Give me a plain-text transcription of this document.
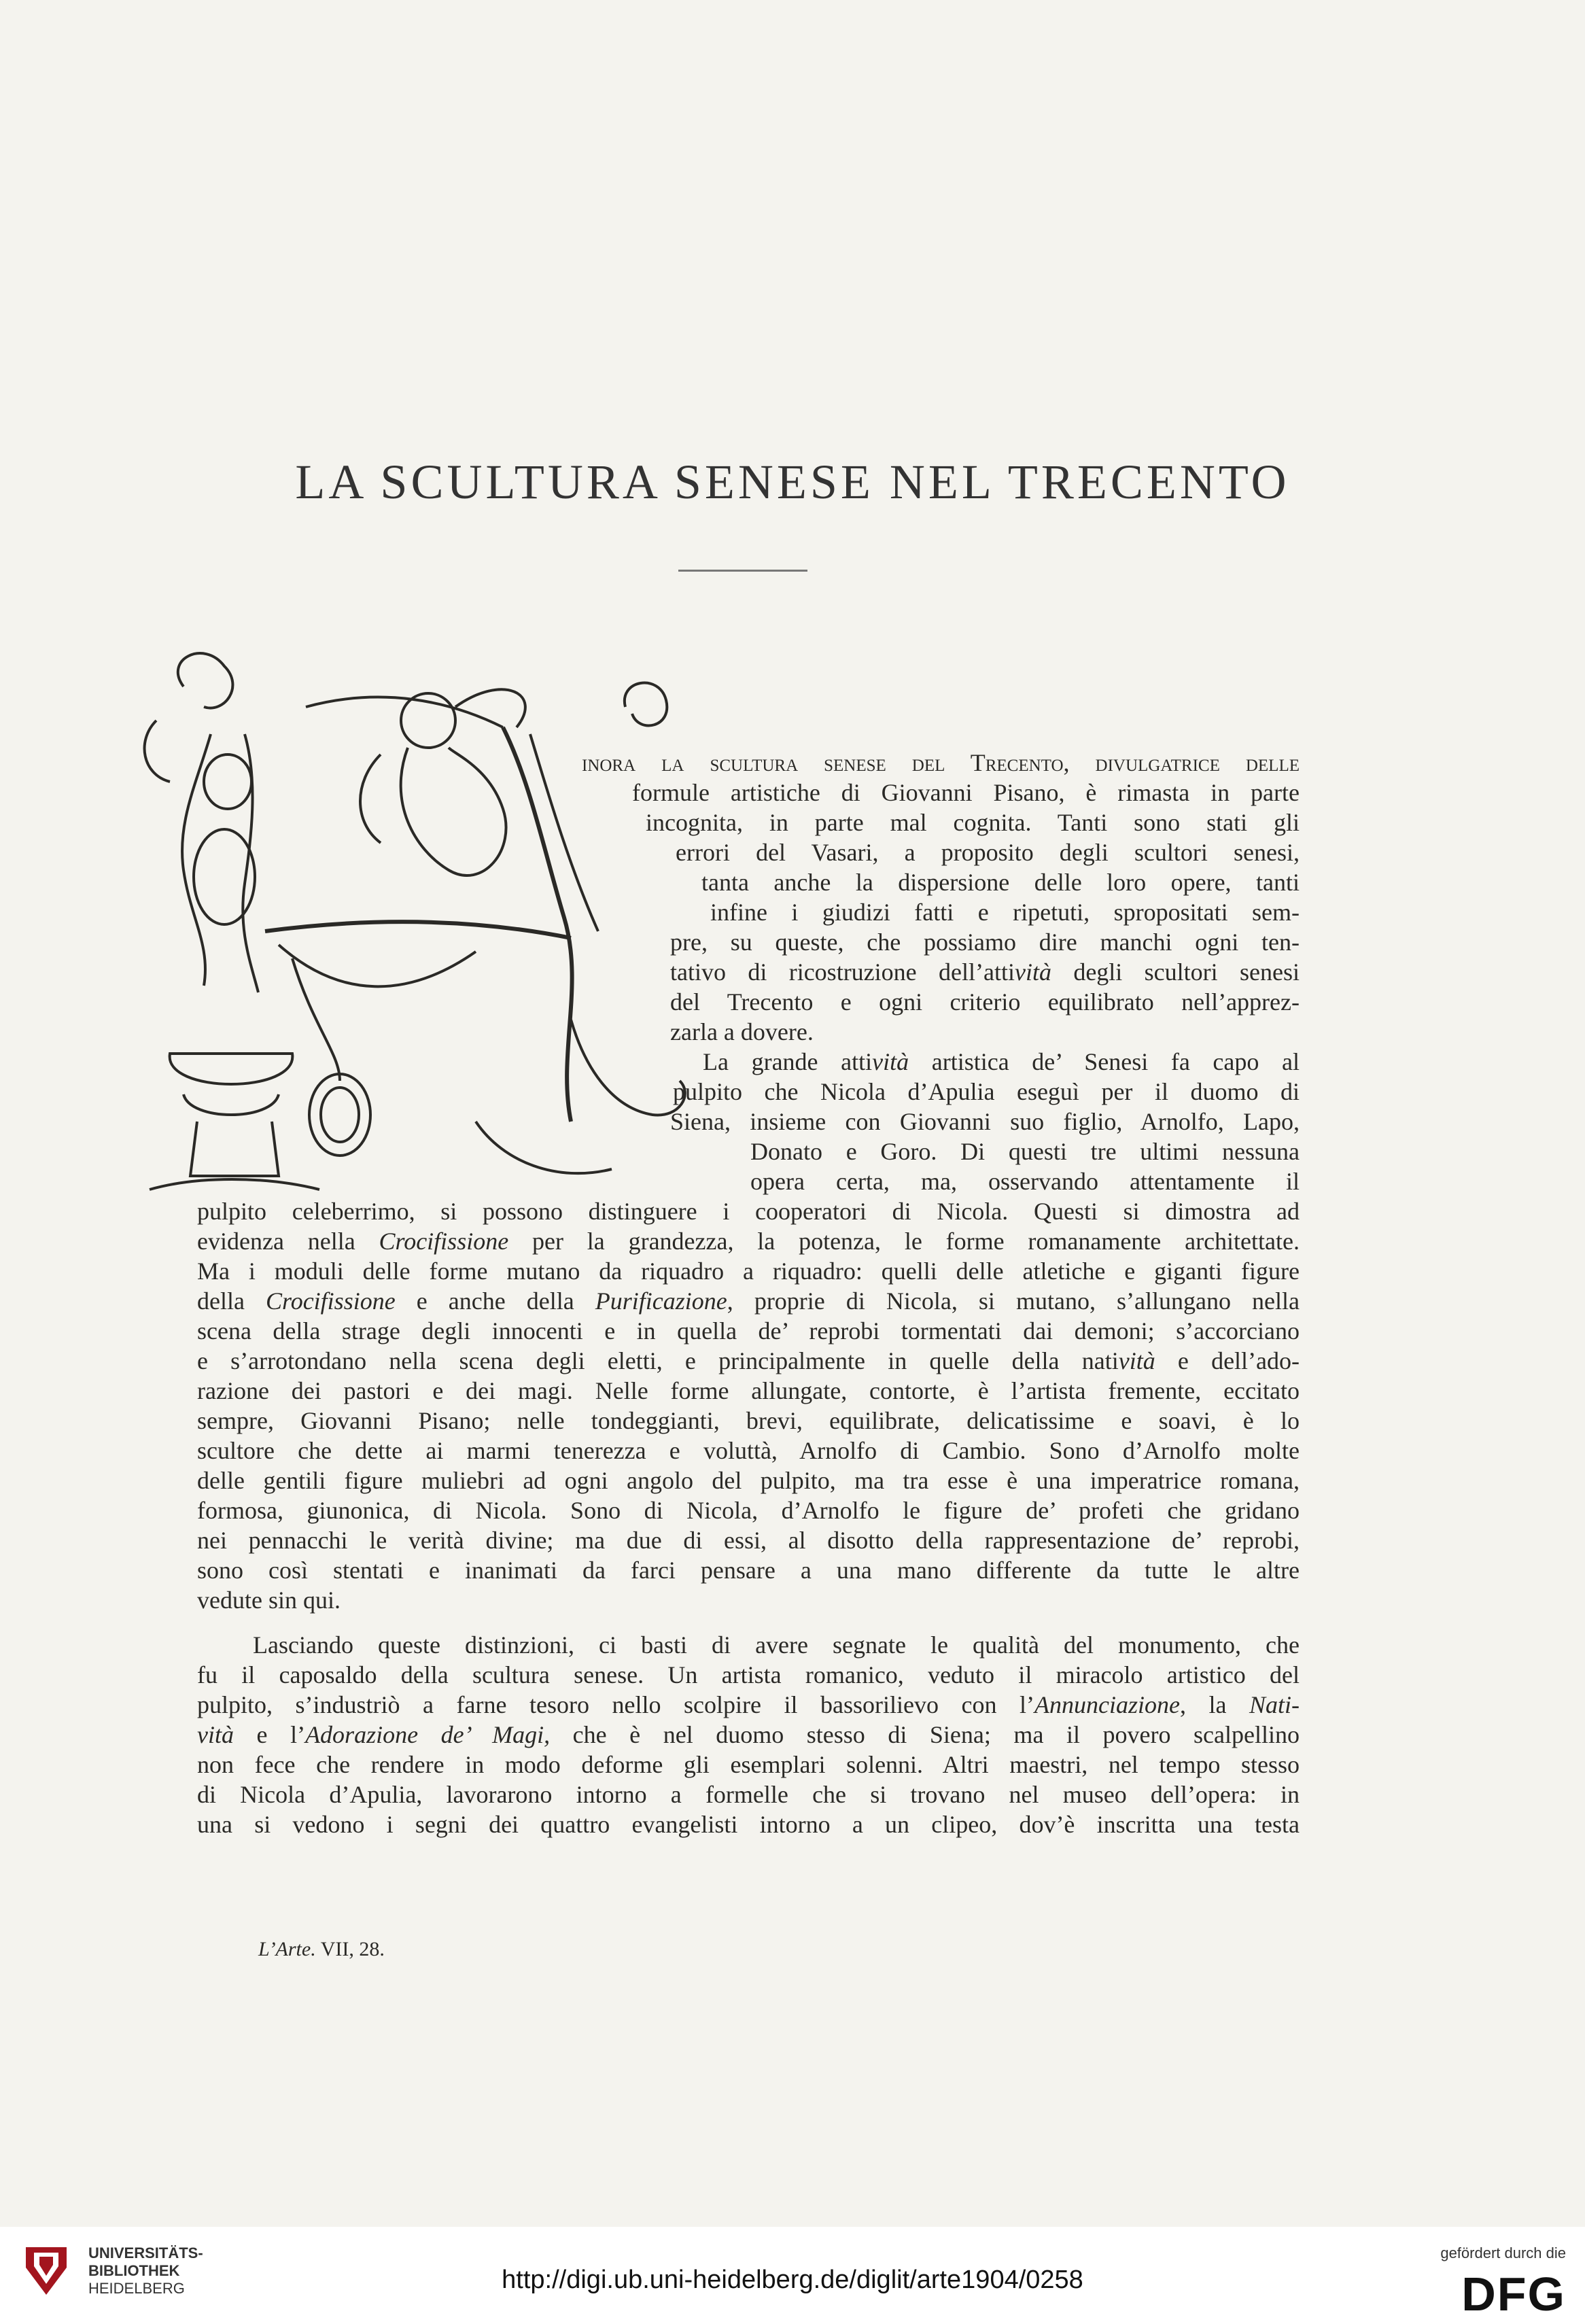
LA SCULTURA SENESE NEL TRECENTO
inora la scultura senese del Trecento, divulgatrice delle
formule artistiche di Giovanni Pisano, è rimasta in parte
incognita, in parte mal cognita. Tanti sono stati gli
errori del Vasari, a proposito degli scultori senesi,
tanta anche la dispersione delle loro opere, tanti
infine i giudizi fatti e ripetuti, spropositati sem-
pre, su queste, che possiamo dire manchi ogni ten-
tativo di ricostruzione dell’attività degli scultori senesi
del Trecento e ogni criterio equilibrato nell’apprez-
zarla a dovere.
La grande attività artistica de’ Senesi fa capo al
pulpito che Nicola d’Apulia eseguì per il duomo di
Siena, insieme con Giovanni suo figlio, Arnolfo, Lapo,
Donato e Goro. Di questi tre ultimi nessuna
opera certa, ma, osservando attentamente il
pulpito celeberrimo, si possono distinguere i cooperatori di Nicola. Questi si dimostra ad
evidenza nella Crocifissione per la grandezza, la potenza, le forme romanamente architettate.
Ma i moduli delle forme mutano da riquadro a riquadro: quelli delle atletiche e giganti figure
della Crocifissione e anche della Purificazione, proprie di Nicola, si mutano, s’allungano nella
scena della strage degli innocenti e in quella de’ reprobi tormentati dai demoni; s’accorciano
e s’arrotondano nella scena degli eletti, e principalmente in quelle della natività e dell’ado-
razione dei pastori e dei magi. Nelle forme allungate, contorte, è l’artista fremente, eccitato
sempre, Giovanni Pisano; nelle tondeggianti, brevi, equilibrate, delicatissime e soavi, è lo
scultore che dette ai marmi tenerezza e voluttà, Arnolfo di Cambio. Sono d’Arnolfo molte
delle gentili figure muliebri ad ogni angolo del pulpito, ma tra esse è una imperatrice romana,
formosa, giunonica, di Nicola. Sono di Nicola, d’Arnolfo le figure de’ profeti che gridano
nei pennacchi le verità divine; ma due di essi, al disotto della rappresentazione de’ reprobi,
sono così stentati e inanimati da farci pensare a una mano differente da tutte le altre
vedute sin qui.
Lasciando queste distinzioni, ci basti di avere segnate le qualità del monumento, che
fu il caposaldo della scultura senese. Un artista romanico, veduto il miracolo artistico del
pulpito, s’industriò a farne tesoro nello scolpire il bassorilievo con l’Annunciazione, la Nati-
vità e l’Adorazione de’ Magi, che è nel duomo stesso di Siena; ma il povero scalpellino
non fece che rendere in modo deforme gli esemplari solenni. Altri maestri, nel tempo stesso
di Nicola d’Apulia, lavorarono intorno a formelle che si trovano nel museo dell’opera: in
una si vedono i segni dei quattro evangelisti intorno a un clipeo, dov’è inscritta una testa
L’Arte. VII, 28.
UNIVERSITÄTS-
BIBLIOTHEK
HEIDELBERG	http://digi.ub.uni-heidelberg.de/diglit/arte1904/0258
gefördert durch die
DFG
